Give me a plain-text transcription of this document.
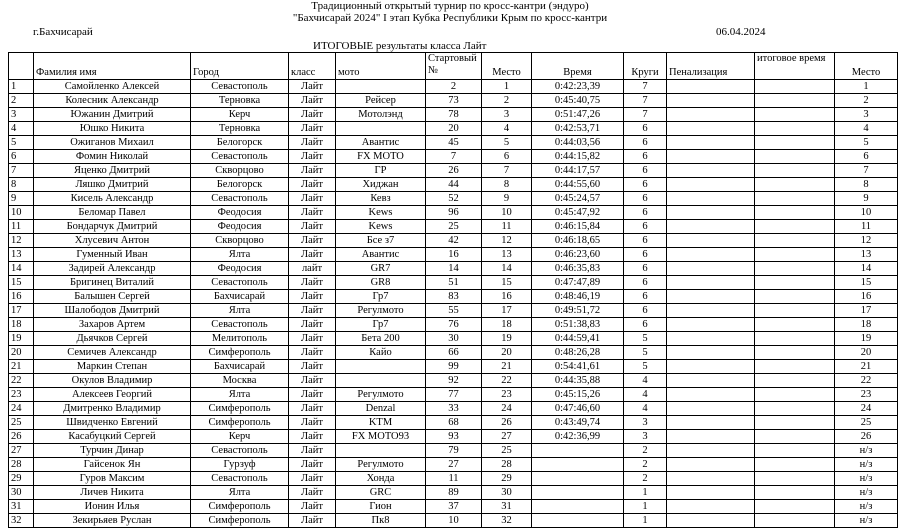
Традиционный открытый турнир по кросс-кантри (эндуро)
"Бахчисарай 2024" I этап Кубка Республики Крым по кросс-кантри
г.Бахчисарай	06.04.2024
ИТОГОВЫЕ результаты класса Лайт
	Фамилия имя	Город	класс	мото	Стартовый №	Место	Время	Круги	Пенализация	итоговое время	Место
1	Самойленко Алексей	Севастополь	Лайт		2	1	0:42:23,39	7			1
2	Колесник Александр	Терновка	Лайт	Рейсер	73	2	0:45:40,75	7			2
3	Южанин Дмитрий	Керч	Лайт	Мотолэнд	78	3	0:51:47,26	7			3
4	Юшко Никита	Терновка	Лайт		20	4	0:42:53,71	6			4
5	Ожиганов Михаил	Белогорск	Лайт	Авантис	45	5	0:44:03,56	6			5
6	Фомин Николай	Севастополь	Лайт	FX MOTO	7	6	0:44:15,82	6			6
7	Яценко Дмитрий	Скворцово	Лайт	ГР	26	7	0:44:17,57	6			7
8	Ляшко Дмитрий	Белогорск	Лайт	Хиджан	44	8	0:44:55,60	6			8
9	Кисель Александр	Севастополь	Лайт	Кевз	52	9	0:45:24,57	6			9
10	Беломар Павел	Феодосия	Лайт	Kews	96	10	0:45:47,92	6			10
11	Бондарчук Дмитрий	Феодосия	Лайт	Kews	25	11	0:46:15,84	6			11
12	Хлусевич Антон	Скворцово	Лайт	Бсе з7	42	12	0:46:18,65	6			12
13	Гуменный Иван	Ялта	Лайт	Авантис	16	13	0:46:23,60	6			13
14	Задирей Александр	Феодосия	лайт	GR7	14	14	0:46:35,83	6			14
15	Бригинец Виталий	Севастополь	Лайт	GR8	51	15	0:47:47,89	6			15
16	Балышен Сергей	Бахчисарай	Лайт	Гр7	83	16	0:48:46,19	6			16
17	Шалободов Дмитрий	Ялта	Лайт	Регулмото	55	17	0:49:51,72	6			17
18	Захаров Артем	Севастополь	Лайт	Гр7	76	18	0:51:38,83	6			18
19	Дьячков Сергей	Мелитополь	Лайт	Бета 200	30	19	0:44:59,41	5			19
20	Семичев Александр	Симферополь	Лайт	Кайо	66	20	0:48:26,28	5			20
21	Маркин Степан	Бахчисарай	Лайт		99	21	0:54:41,61	5			21
22	Окулов Владимир	Москва	Лайт		92	22	0:44:35,88	4			22
23	Алексеев Георгий	Ялта	Лайт	Регулмото	77	23	0:45:15,26	4			23
24	Дмитренко Владимир	Симферополь	Лайт	Denzal	33	24	0:47:46,60	4			24
25	Швидченко Евгений	Симферополь	Лайт	KTM	68	26	0:43:49,74	3			25
26	Касабуцкий Сергей	Керч	Лайт	FX MOTO93	93	27	0:42:36,99	3			26
27	Турчин Динар	Севастополь	Лайт		79	25		2			н/з
28	Гайсенок Ян	Гурзуф	Лайт	Регулмото	27	28		2			н/з
29	Гуров Максим	Севастополь	Лайт	Хонда	11	29		2			н/з
30	Личев Никита	Ялта	Лайт	GRC	89	30		1			н/з
31	Ионин Илья	Симферополь	Лайт	Гион	37	31		1			н/з
32	Зекирьяев Руслан	Симферополь	Лайт	Пк8	10	32		1			н/з
